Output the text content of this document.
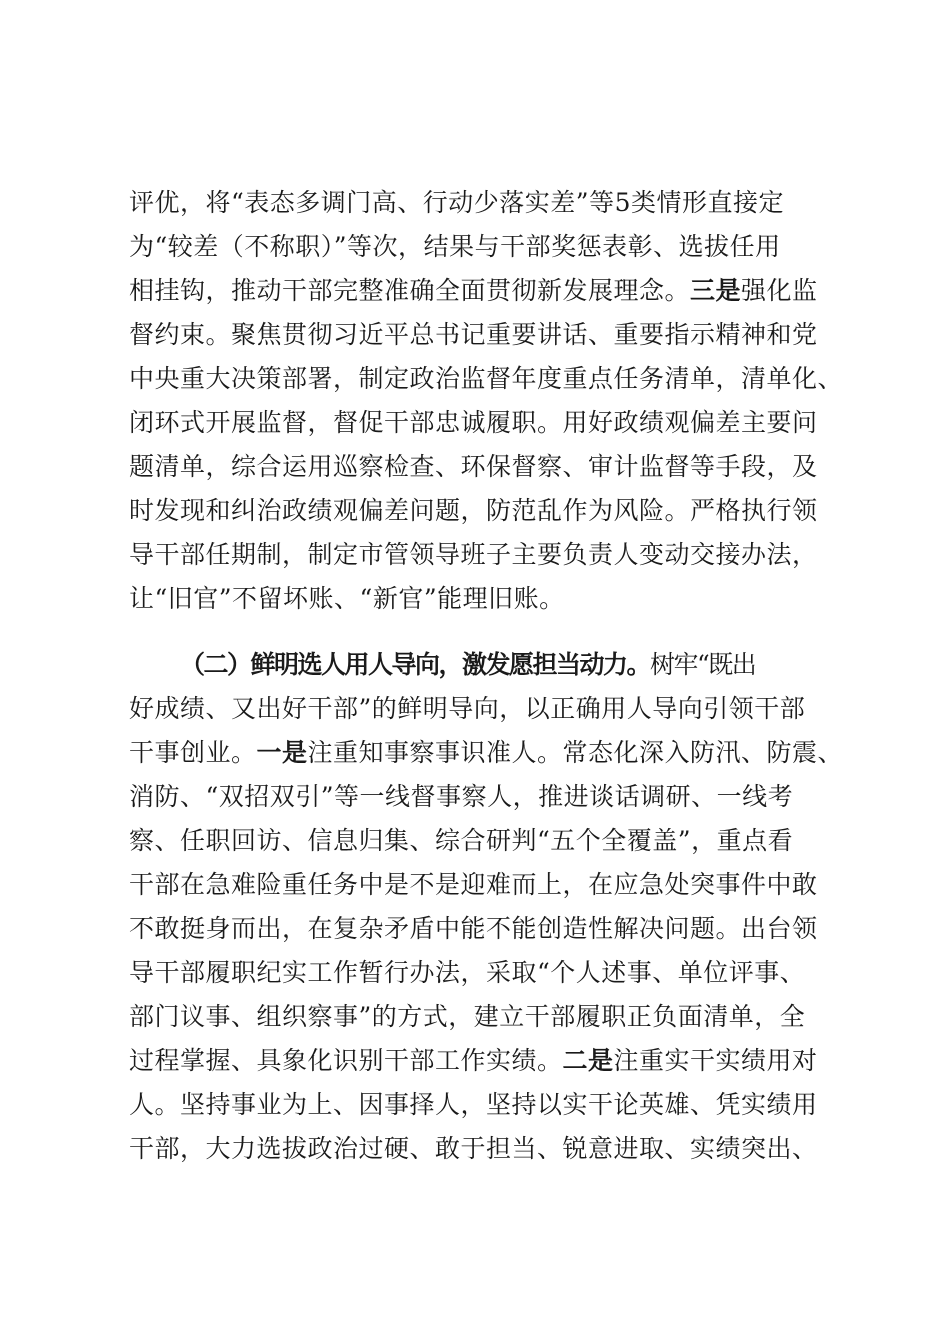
评优，将“表态多调门高、行动少落实差”等5类情形直接定
为“较差（不称职）”等次，结果与干部奖惩表彰、选拔任用
相挂钩，推动干部完整准确全面贯彻新发展理念。三是强化监
督约束。聚焦贯彻习近平总书记重要讲话、重要指示精神和党
中央重大决策部署，制定政治监督年度重点任务清单，清单化、
闭环式开展监督，督促干部忠诚履职。用好政绩观偏差主要问
题清单，综合运用巡察检查、环保督察、审计监督等手段，及
时发现和纠治政绩观偏差问题，防范乱作为风险。严格执行领
导干部任期制，制定市管领导班子主要负责人变动交接办法，
让“旧官”不留坏账、“新官”能理旧账。
（二）鲜明选人用人导向，激发愿担当动力。树牢“既出
好成绩、又出好干部”的鲜明导向，以正确用人导向引领干部
干事创业。一是注重知事察事识准人。常态化深入防汛、防震、
消防、“双招双引”等一线督事察人，推进谈话调研、一线考
察、任职回访、信息归集、综合研判“五个全覆盖”，重点看
干部在急难险重任务中是不是迎难而上，在应急处突事件中敢
不敢挺身而出，在复杂矛盾中能不能创造性解决问题。出台领
导干部履职纪实工作暂行办法，采取“个人述事、单位评事、
部门议事、组织察事”的方式，建立干部履职正负面清单，全
过程掌握、具象化识别干部工作实绩。二是注重实干实绩用对
人。坚持事业为上、因事择人，坚持以实干论英雄、凭实绩用
干部，大力选拔政治过硬、敢于担当、锐意进取、实绩突出、
